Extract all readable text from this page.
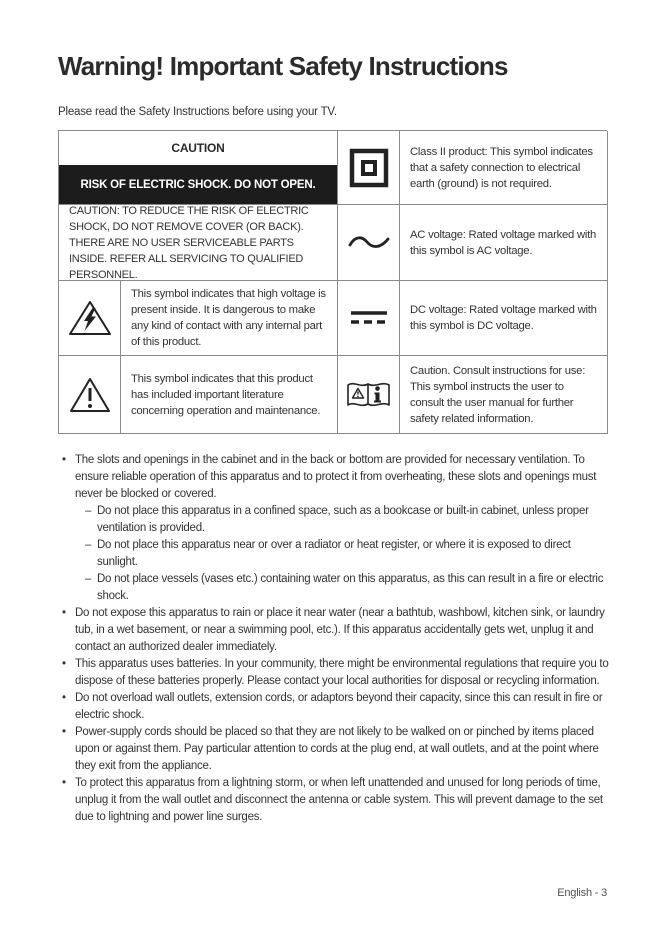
Warning! Important Safety Instructions

Please read the Safety Instructions before using your TV.

CAUTION
RISK OF ELECTRIC SHOCK. DO NOT OPEN.
Class II product: This symbol indicates that a safety connection to electrical earth (ground) is not required.
CAUTION: TO REDUCE THE RISK OF ELECTRIC SHOCK, DO NOT REMOVE COVER (OR BACK). THERE ARE NO USER SERVICEABLE PARTS INSIDE. REFER ALL SERVICING TO QUALIFIED PERSONNEL.
AC voltage: Rated voltage marked with this symbol is AC voltage.
This symbol indicates that high voltage is present inside. It is dangerous to make any kind of contact with any internal part of this product.
DC voltage: Rated voltage marked with this symbol is DC voltage.
This symbol indicates that this product has included important literature concerning operation and maintenance.
Caution. Consult instructions for use: This symbol instructs the user to consult the user manual for further safety related information.
• The slots and openings in the cabinet and in the back or bottom are provided for necessary ventilation. To ensure reliable operation of this apparatus and to protect it from overheating, these slots and openings must never be blocked or covered.
– Do not place this apparatus in a confined space, such as a bookcase or built-in cabinet, unless proper ventilation is provided.
– Do not place this apparatus near or over a radiator or heat register, or where it is exposed to direct sunlight.
– Do not place vessels (vases etc.) containing water on this apparatus, as this can result in a fire or electric shock.
• Do not expose this apparatus to rain or place it near water (near a bathtub, washbowl, kitchen sink, or laundry tub, in a wet basement, or near a swimming pool, etc.). If this apparatus accidentally gets wet, unplug it and contact an authorized dealer immediately.
• This apparatus uses batteries. In your community, there might be environmental regulations that require you to dispose of these batteries properly. Please contact your local authorities for disposal or recycling information.
• Do not overload wall outlets, extension cords, or adaptors beyond their capacity, since this can result in fire or electric shock.
• Power-supply cords should be placed so that they are not likely to be walked on or pinched by items placed upon or against them. Pay particular attention to cords at the plug end, at wall outlets, and at the point where they exit from the appliance.
• To protect this apparatus from a lightning storm, or when left unattended and unused for long periods of time, unplug it from the wall outlet and disconnect the antenna or cable system. This will prevent damage to the set due to lightning and power line surges.
English - 3
